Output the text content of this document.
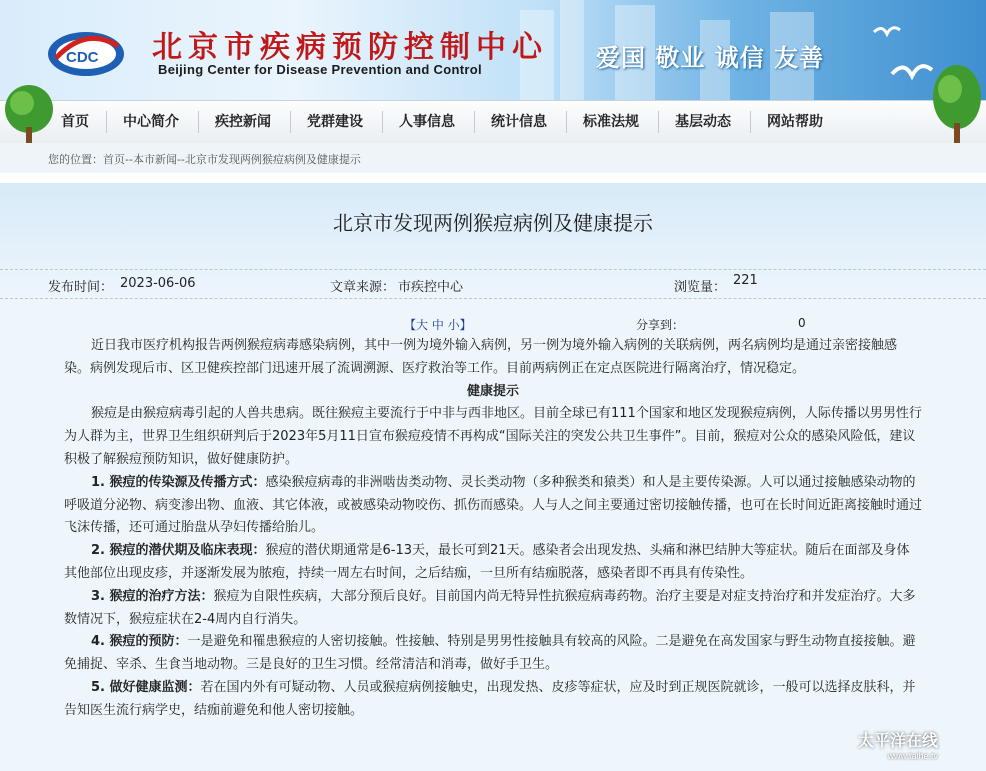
CDC 北京市疾病预防控制中心
Beijing Center for Disease Prevention and Control	爱国 敬业 诚信 友善
首页 中心简介	疾控新闻	党群建设	人事信息	统计信息	标准法规	基层动态	网站帮助
您的位置：首页--本市新闻--北京市发现两例猴痘病例及健康提示
北京市发现两例猴痘病例及健康提示
发布时间： 2023-06-06	文章来源： 市疾控中心	浏览量： 221
【大 中 小】	分享到：	0

近日我市医疗机构报告两例猴痘病毒感染病例，其中一例为境外输入病例，另一例为境外输入病例的关联病例，两名病例均是通过亲密接触感染。病例发现后市、区卫健疾控部门迅速开展了流调溯源、医疗救治等工作。目前两病例正在定点医院进行隔离治疗，情况稳定。

健康提示

猴痘是由猴痘病毒引起的人兽共患病。既往猴痘主要流行于中非与西非地区。目前全球已有111个国家和地区发现猴痘病例，人际传播以男男性行为人群为主，世界卫生组织研判后于2023年5月11日宣布猴痘疫情不再构成“国际关注的突发公共卫生事件”。目前，猴痘对公众的感染风险低，建议积极了解猴痘预防知识，做好健康防护。

1. 猴痘的传染源及传播方式：感染猴痘病毒的非洲啮齿类动物、灵长类动物（多种猴类和猿类）和人是主要传染源。人可以通过接触感染动物的呼吸道分泌物、病变渗出物、血液、其它体液，或被感染动物咬伤、抓伤而感染。人与人之间主要通过密切接触传播，也可在长时间近距离接触时通过飞沫传播，还可通过胎盘从孕妇传播给胎儿。

2. 猴痘的潜伏期及临床表现：猴痘的潜伏期通常是6-13天，最长可到21天。感染者会出现发热、头痛和淋巴结肿大等症状。随后在面部及身体其他部位出现皮疹，并逐渐发展为脓疱，持续一周左右时间，之后结痂，一旦所有结痂脱落，感染者即不再具有传染性。

3. 猴痘的治疗方法：猴痘为自限性疾病，大部分预后良好。目前国内尚无特异性抗猴痘病毒药物。治疗主要是对症支持治疗和并发症治疗。大多数情况下，猴痘症状在2-4周内自行消失。

4. 猴痘的预防：一是避免和罹患猴痘的人密切接触。性接触、特别是男男性接触具有较高的风险。二是避免在高发国家与野生动物直接接触。避免捕捉、宰杀、生食当地动物。三是良好的卫生习惯。经常清洁和消毒，做好手卫生。

5. 做好健康监测：若在国内外有可疑动物、人员或猴痘病例接触史，出现发热、皮疹等症状，应及时到正规医院就诊，一般可以选择皮肤科，并告知医生流行病学史，结痂前避免和他人密切接触。

太平洋在线
www.taihe.tv
